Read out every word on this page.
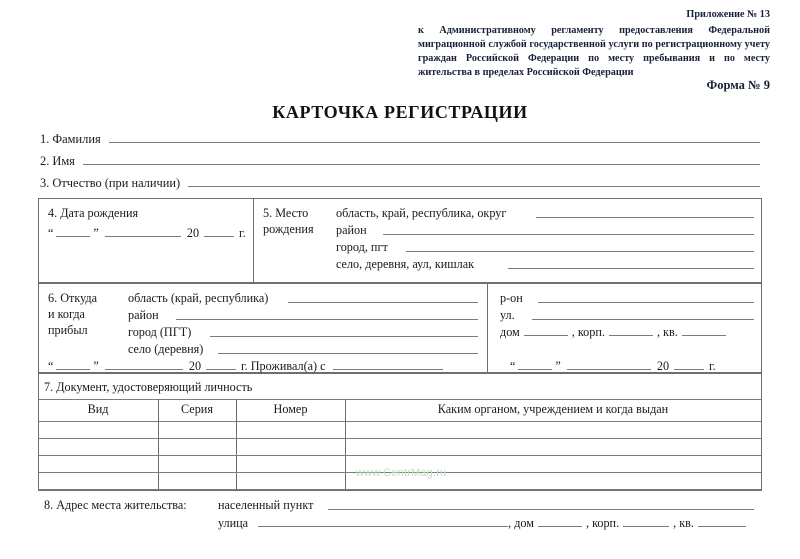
Приложение № 13
к Административному регламенту предоставления Федеральной миграционной службой государственной услуги по регистрационному учету граждан Российской Федерации по месту пребывания и по месту жительства в пределах Российской Федерации
Форма № 9
КАРТОЧКА РЕГИСТРАЦИИ
1. Фамилия
2. Имя
3. Отчество (при наличии)
4. Дата рождения
“	”	20	г.
5. Место
рождения
область, край, республика, округ
район
город, пгт
село, деревня, аул, кишлак
6. Откуда
и когда
прибыл
область (край, республика)
район
город (ПГТ)
село (деревня)
“	”	20	г. Проживал(а) с
р-он
ул.
дом	, корп.	, кв.
“	”	20	г.
7. Документ, удостоверяющий личность
Вид	Серия	Номер	Каким органом, учреждением и когда выдан
8. Адрес места жительства:	населенный пункт
улица	, дом	, корп.	, кв.
www.CentrMag.ru
